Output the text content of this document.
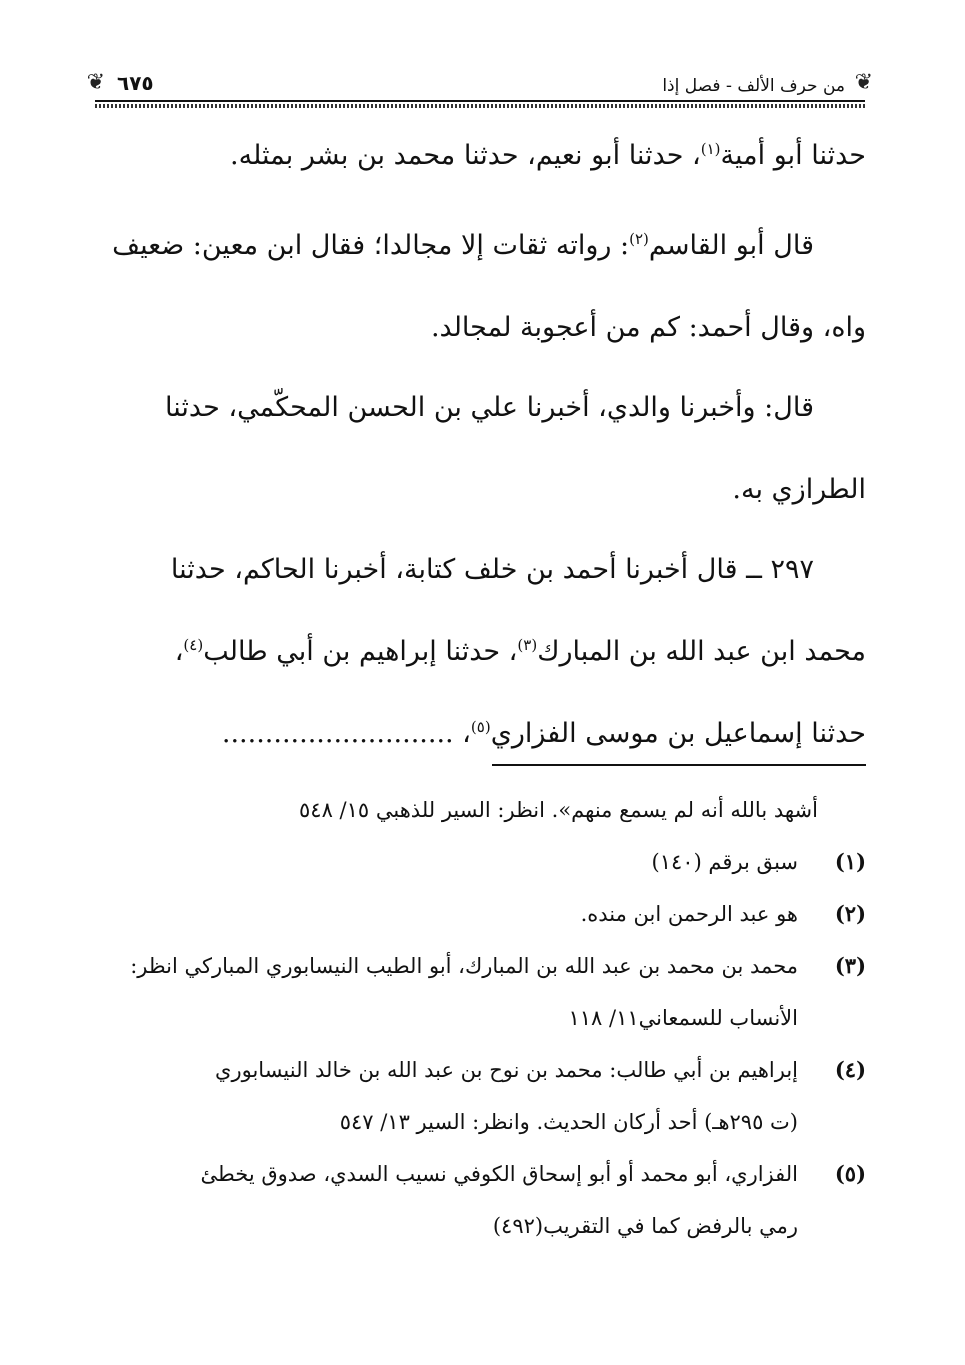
❦
من حرف الألف - فصل إذا
٦٧٥
❦
حدثنا أبو أمية$^{(١)}$، حدثنا أبو نعيم، حدثنا محمد بن بشر بمثله.
قال أبو القاسم$^{(٢)}$: رواته ثقات إلا مجالدا؛ فقال ابن معين: ضعيف
واه، وقال أحمد: كم من أعجوبة لمجالد.
قال: وأخبرنا والدي، أخبرنا علي بن الحسن المحكّمي، حدثنا
الطرازي به.
٢٩٧ ــ قال أخبرنا أحمد بن خلف كتابة، أخبرنا الحاكم، حدثنا
محمد ابن عبد الله بن المبارك$^{(٣)}$، حدثنا إبراهيم بن أبي طالب$^{(٤)}$،
حدثنا إسماعيل بن موسى الفزاري$^{(٥)}$، ...........................
أشهد بالله أنه لم يسمع منهم». انظر: السير للذهبي ١٥/ ٥٤٨
(١)
سبق برقم (١٤٠)
(٢)
هو عبد الرحمن ابن منده.
(٣)
محمد بن محمد بن عبد الله بن المبارك، أبو الطيب النيسابوري المباركي انظر:
الأنساب للسمعاني١١/ ١١٨
(٤)
إبراهيم بن أبي طالب: محمد بن نوح بن عبد الله بن خالد النيسابوري
(ت ٢٩٥هـ) أحد أركان الحديث. وانظر: السير ١٣/ ٥٤٧
(٥)
الفزاري، أبو محمد أو أبو إسحاق الكوفي نسيب السدي، صدوق يخطئ
رمي بالرفض كما في التقريب(٤٩٢)
